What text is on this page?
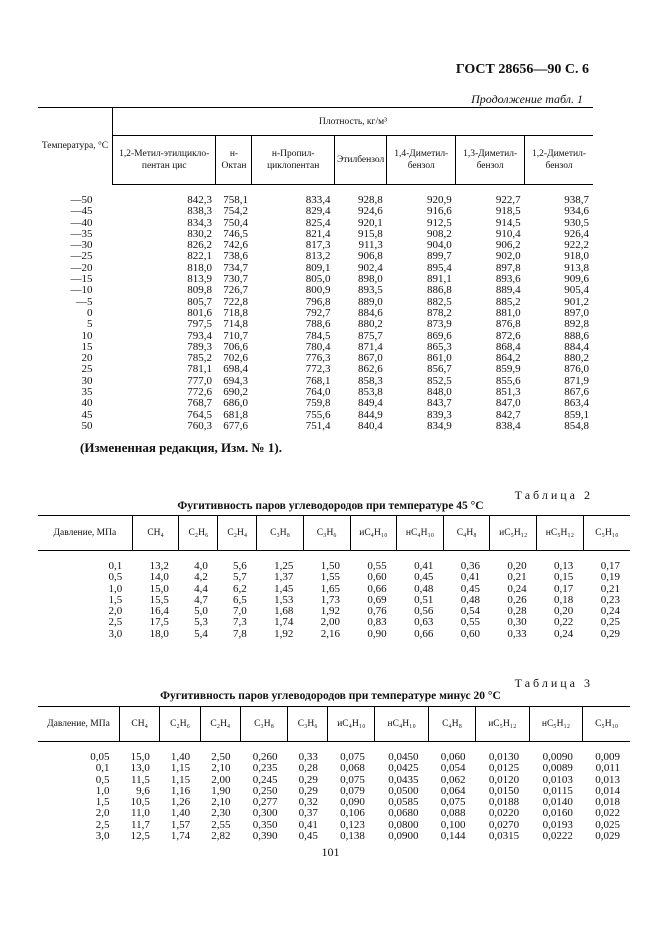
ГОСТ 28656—90 С. 6
Продолжение табл. 1
Температура, °С	Плотность, кг/м³						
	1,2-Метил-этилцикло-пентан цис	н-Октан	н-Пропил-циклопентан	Этилбензол	1,4-Диметил-бензол	1,3-Диметил-бензол	1,2-Диметил-бензол
—50	842,3	758,1	833,4	928,8	920,9	922,7	938,7
—45	838,3	754,2	829,4	924,6	916,6	918,5	934,6
—40	834,3	750,4	825,4	920,1	912,5	914,5	930,5
—35	830,2	746,5	821,4	915,8	908,2	910,4	926,4
—30	826,2	742,6	817,3	911,3	904,0	906,2	922,2
—25	822,1	738,6	813,2	906,8	899,7	902,0	918,0
—20	818,0	734,7	809,1	902,4	895,4	897,8	913,8
—15	813,9	730,7	805,0	898,0	891,1	893,6	909,6
—10	809,8	726,7	800,9	893,5	886,8	889,4	905,4
—5	805,7	722,8	796,8	889,0	882,5	885,2	901,2
0	801,6	718,8	792,7	884,6	878,2	881,0	897,0
5	797,5	714,8	788,6	880,2	873,9	876,8	892,8
10	793,4	710,7	784,5	875,7	869,6	872,6	888,6
15	789,3	706,6	780,4	871,4	865,3	868,4	884,4
20	785,2	702,6	776,3	867,0	861,0	864,2	880,2
25	781,1	698,4	772,3	862,6	856,7	859,9	876,0
30	777,0	694,3	768,1	858,3	852,5	855,6	871,9
35	772,6	690,2	764,0	853,8	848,0	851,3	867,6
40	768,7	686,0	759,8	849,4	843,7	847,0	863,4
45	764,5	681,8	755,6	844,9	839,3	842,7	859,1
50	760,3	677,6	751,4	840,4	834,9	838,4	854,8
(Измененная редакция, Изм. № 1).
Таблица 2
Фугитивность паров углеводородов при температуре 45 °С
Давление, МПа	CH₄	C₂H₆	C₂H₄	C₃H₈	C₃H₆	иC₄H₁₀	нC₄H₁₀	C₄H₈	иC₅H₁₂	нC₅H₁₂	C₅H₁₀
0,1	13,2	4,0	5,6	1,25	1,50	0,55	0,41	0,36	0,20	0,13	0,17
0,5	14,0	4,2	5,7	1,37	1,55	0,60	0,45	0,41	0,21	0,15	0,19
1,0	15,0	4,4	6,2	1,45	1,65	0,66	0,48	0,45	0,24	0,17	0,21
1,5	15,5	4,7	6,5	1,53	1,73	0,69	0,51	0,48	0,26	0,18	0,23
2,0	16,4	5,0	7,0	1,68	1,92	0,76	0,56	0,54	0,28	0,20	0,24
2,5	17,5	5,3	7,3	1,74	2,00	0,83	0,63	0,55	0,30	0,22	0,25
3,0	18,0	5,4	7,8	1,92	2,16	0,90	0,66	0,60	0,33	0,24	0,29
Таблица 3
Фугитивность паров углеводородов при температуре минус 20 °С
Давление, МПа	CH₄	C₂H₆	C₂H₄	C₃H₈	C₃H₆	иC₄H₁₀	нC₄H₁₀	C₄H₈	иC₅H₁₂	нC₅H₁₂	C₅H₁₀
0,05	15,0	1,40	2,50	0,260	0,33	0,075	0,0450	0,060	0,0130	0,0090	0,009
0,1	13,0	1,15	2,10	0,235	0,28	0,068	0,0425	0,054	0,0125	0,0089	0,011
0,5	11,5	1,15	2,00	0,245	0,29	0,075	0,0435	0,062	0,0120	0,0103	0,013
1,0	9,6	1,16	1,90	0,250	0,29	0,079	0,0500	0,064	0,0150	0,0115	0,014
1,5	10,5	1,26	2,10	0,277	0,32	0,090	0,0585	0,075	0,0188	0,0140	0,018
2,0	11,0	1,40	2,30	0,300	0,37	0,106	0,0680	0,088	0,0220	0,0160	0,022
2,5	11,7	1,57	2,55	0,350	0,41	0,123	0,0800	0,100	0,0270	0,0193	0,025
3,0	12,5	1,74	2,82	0,390	0,45	0,138	0,0900	0,144	0,0315	0,0222	0,029
101
